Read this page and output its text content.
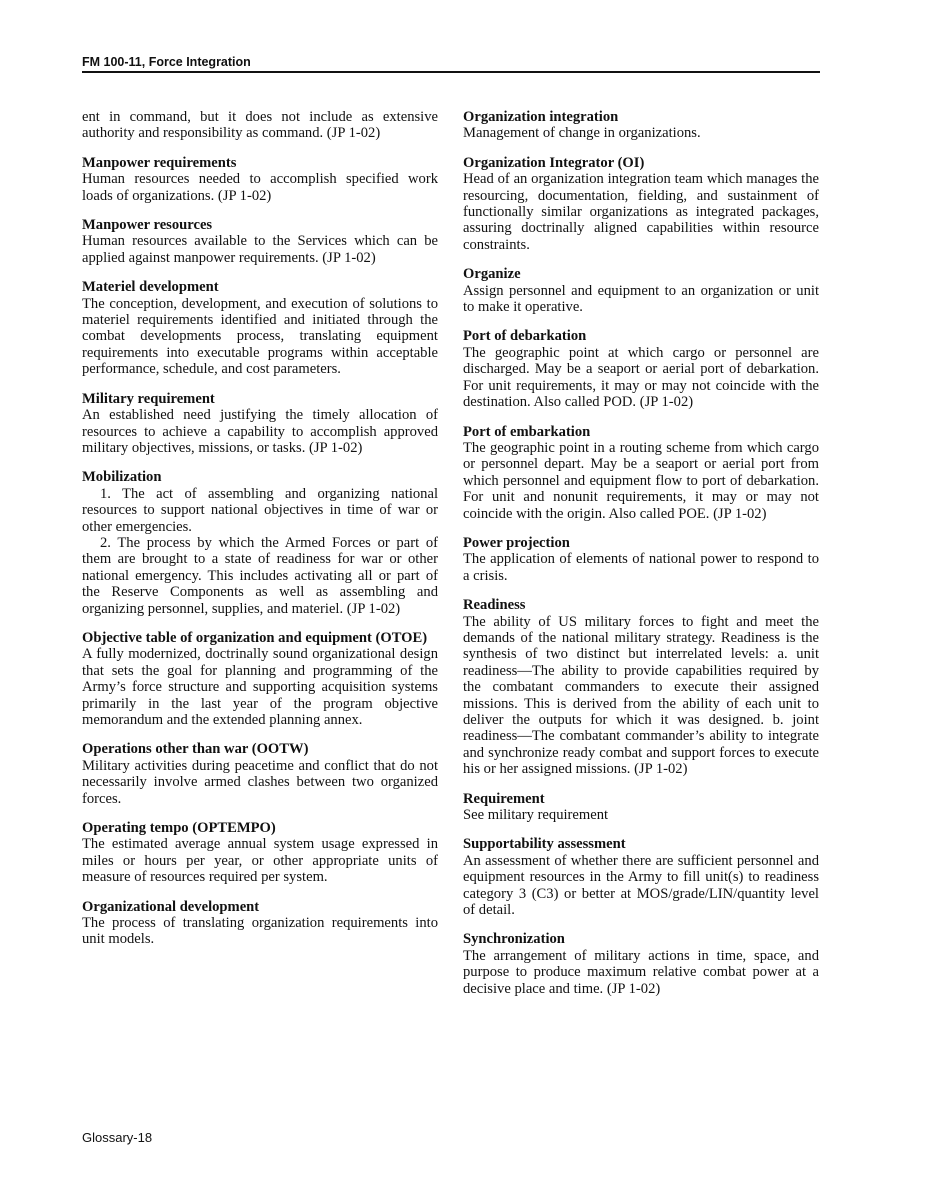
FM 100-11, Force Integration
ent in command, but it does not include as extensive authority and responsibility as command. (JP 1-02)
Manpower requirements
Human resources needed to accomplish specified work loads of organizations. (JP 1-02)
Manpower resources
Human resources available to the Services which can be applied against manpower requirements. (JP 1-02)
Materiel development
The conception, development, and execution of solutions to materiel requirements identified and initiated through the combat developments process, translating equipment requirements into executable programs within acceptable performance, schedule, and cost parameters.
Military requirement
An established need justifying the timely allocation of resources to achieve a capability to accomplish approved military objectives, missions, or tasks. (JP 1-02)
Mobilization
1. The act of assembling and organizing national resources to support national objectives in time of war or other emergencies.
2. The process by which the Armed Forces or part of them are brought to a state of readiness for war or other national emergency. This includes activating all or part of the Reserve Components as well as assembling and organizing personnel, supplies, and materiel. (JP 1-02)
Objective table of organization and equipment (OTOE)
A fully modernized, doctrinally sound organizational design that sets the goal for planning and programming of the Army’s force structure and supporting acquisition systems primarily in the last year of the program objective memorandum and the extended planning annex.
Operations other than war (OOTW)
Military activities during peacetime and conflict that do not necessarily involve armed clashes between two organized forces.
Operating tempo (OPTEMPO)
The estimated average annual system usage expressed in miles or hours per year, or other appropriate units of measure of resources required per system.
Organizational development
The process of translating organization requirements into unit models.
Organization integration
Management of change in organizations.
Organization Integrator (OI)
Head of an organization integration team which manages the resourcing, documentation, fielding, and sustainment of functionally similar organizations as integrated packages, assuring doctrinally aligned capabilities within resource constraints.
Organize
Assign personnel and equipment to an organization or unit to make it operative.
Port of debarkation
The geographic point at which cargo or personnel are discharged. May be a seaport or aerial port of debarkation. For unit requirements, it may or may not coincide with the destination. Also called POD. (JP 1-02)
Port of embarkation
The geographic point in a routing scheme from which cargo or personnel depart. May be a seaport or aerial port from which personnel and equipment flow to port of debarkation. For unit and nonunit requirements, it may or may not coincide with the origin. Also called POE. (JP 1-02)
Power projection
The application of elements of national power to respond to a crisis.
Readiness
The ability of US military forces to fight and meet the demands of the national military strategy. Readiness is the synthesis of two distinct but interrelated levels: a. unit readiness—The ability to provide capabilities required by the combatant commanders to execute their assigned missions. This is derived from the ability of each unit to deliver the outputs for which it was designed. b. joint readiness—The combatant commander’s ability to integrate and synchronize ready combat and support forces to execute his or her assigned missions. (JP 1-02)
Requirement
See military requirement
Supportability assessment
An assessment of whether there are sufficient personnel and equipment resources in the Army to fill unit(s) to readiness category 3 (C3) or better at MOS/grade/LIN/quantity level of detail.
Synchronization
The arrangement of military actions in time, space, and purpose to produce maximum relative combat power at a decisive place and time. (JP 1-02)
Glossary-18
